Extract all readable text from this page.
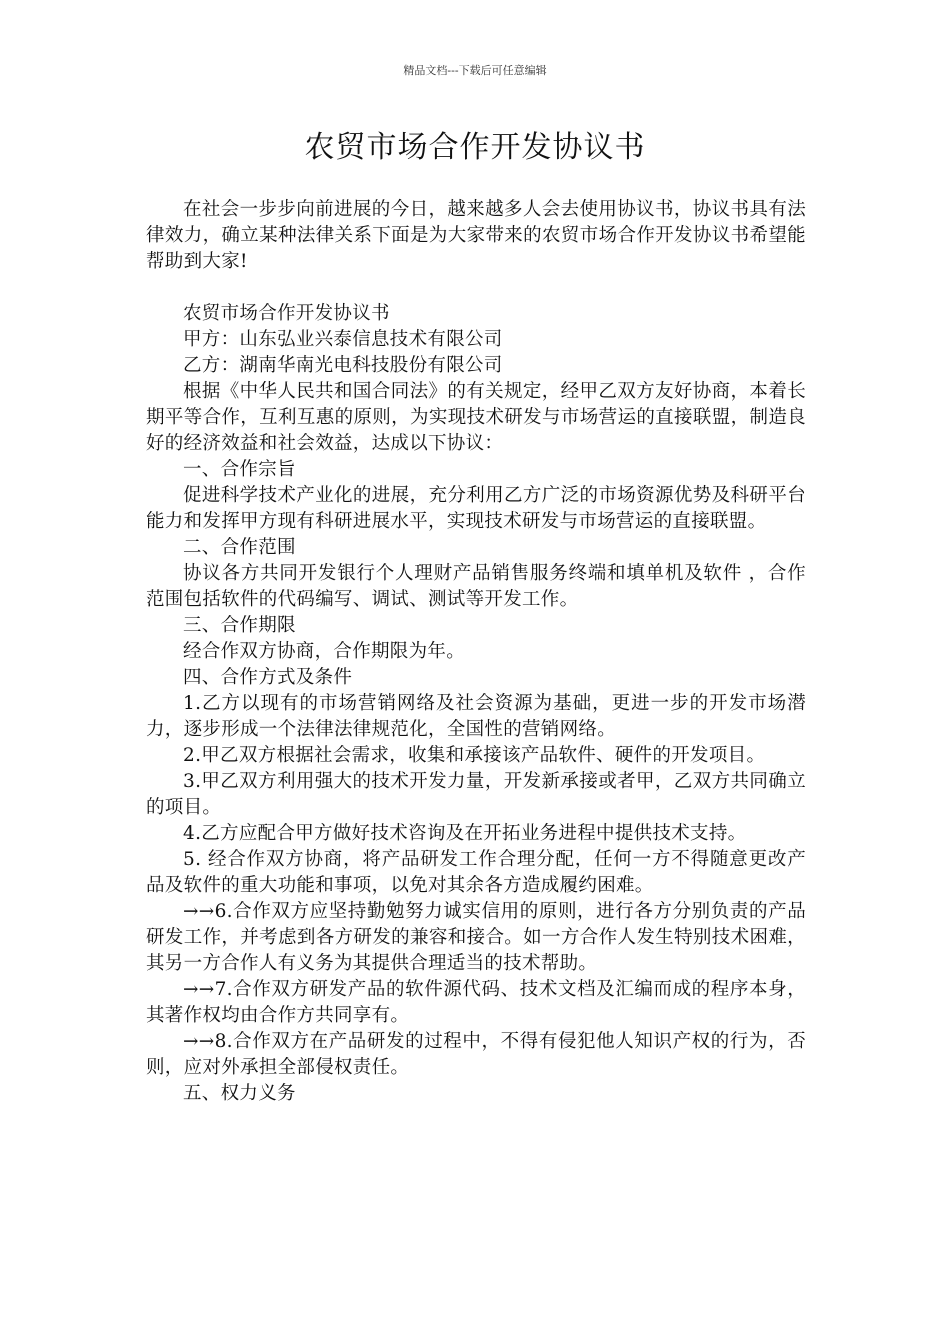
精品文档---下载后可任意编辑
农贸市场合作开发协议书

在社会一步步向前进展的今日，越来越多人会去使用协议书，协议书具有法律效力，确立某种法律关系下面是为大家带来的农贸市场合作开发协议书希望能帮助到大家!

农贸市场合作开发协议书

甲方：山东弘业兴泰信息技术有限公司

乙方：湖南华南光电科技股份有限公司

根据《中华人民共和国合同法》的有关规定，经甲乙双方友好协商，本着长期平等合作，互利互惠的原则，为实现技术研发与市场营运的直接联盟，制造良好的经济效益和社会效益，达成以下协议：

一、合作宗旨

促进科学技术产业化的进展，充分利用乙方广泛的市场资源优势及科研平台能力和发挥甲方现有科研进展水平，实现技术研发与市场营运的直接联盟。

二、合作范围

协议各方共同开发银行个人理财产品销售服务终端和填单机及软件 ，合作范围包括软件的代码编写、调试、测试等开发工作。

三、合作期限

经合作双方协商，合作期限为年。

四、合作方式及条件

1.乙方以现有的市场营销网络及社会资源为基础，更进一步的开发市场潜力，逐步形成一个法律法律规范化，全国性的营销网络。

2.甲乙双方根据社会需求，收集和承接该产品软件、硬件的开发项目。

3.甲乙双方利用强大的技术开发力量，开发新承接或者甲，乙双方共同确立的项目。

4.乙方应配合甲方做好技术咨询及在开拓业务进程中提供技术支持。

5. 经合作双方协商，将产品研发工作合理分配，任何一方不得随意更改产品及软件的重大功能和事项，以免对其余各方造成履约困难。

→→6.合作双方应坚持勤勉努力诚实信用的原则，进行各方分别负责的产品研发工作，并考虑到各方研发的兼容和接合。如一方合作人发生特别技术困难，其另一方合作人有义务为其提供合理适当的技术帮助。

→→7.合作双方研发产品的软件源代码、技术文档及汇编而成的程序本身，其著作权均由合作方共同享有。

→→8.合作双方在产品研发的过程中，不得有侵犯他人知识产权的行为，否则，应对外承担全部侵权责任。

五、权力义务
